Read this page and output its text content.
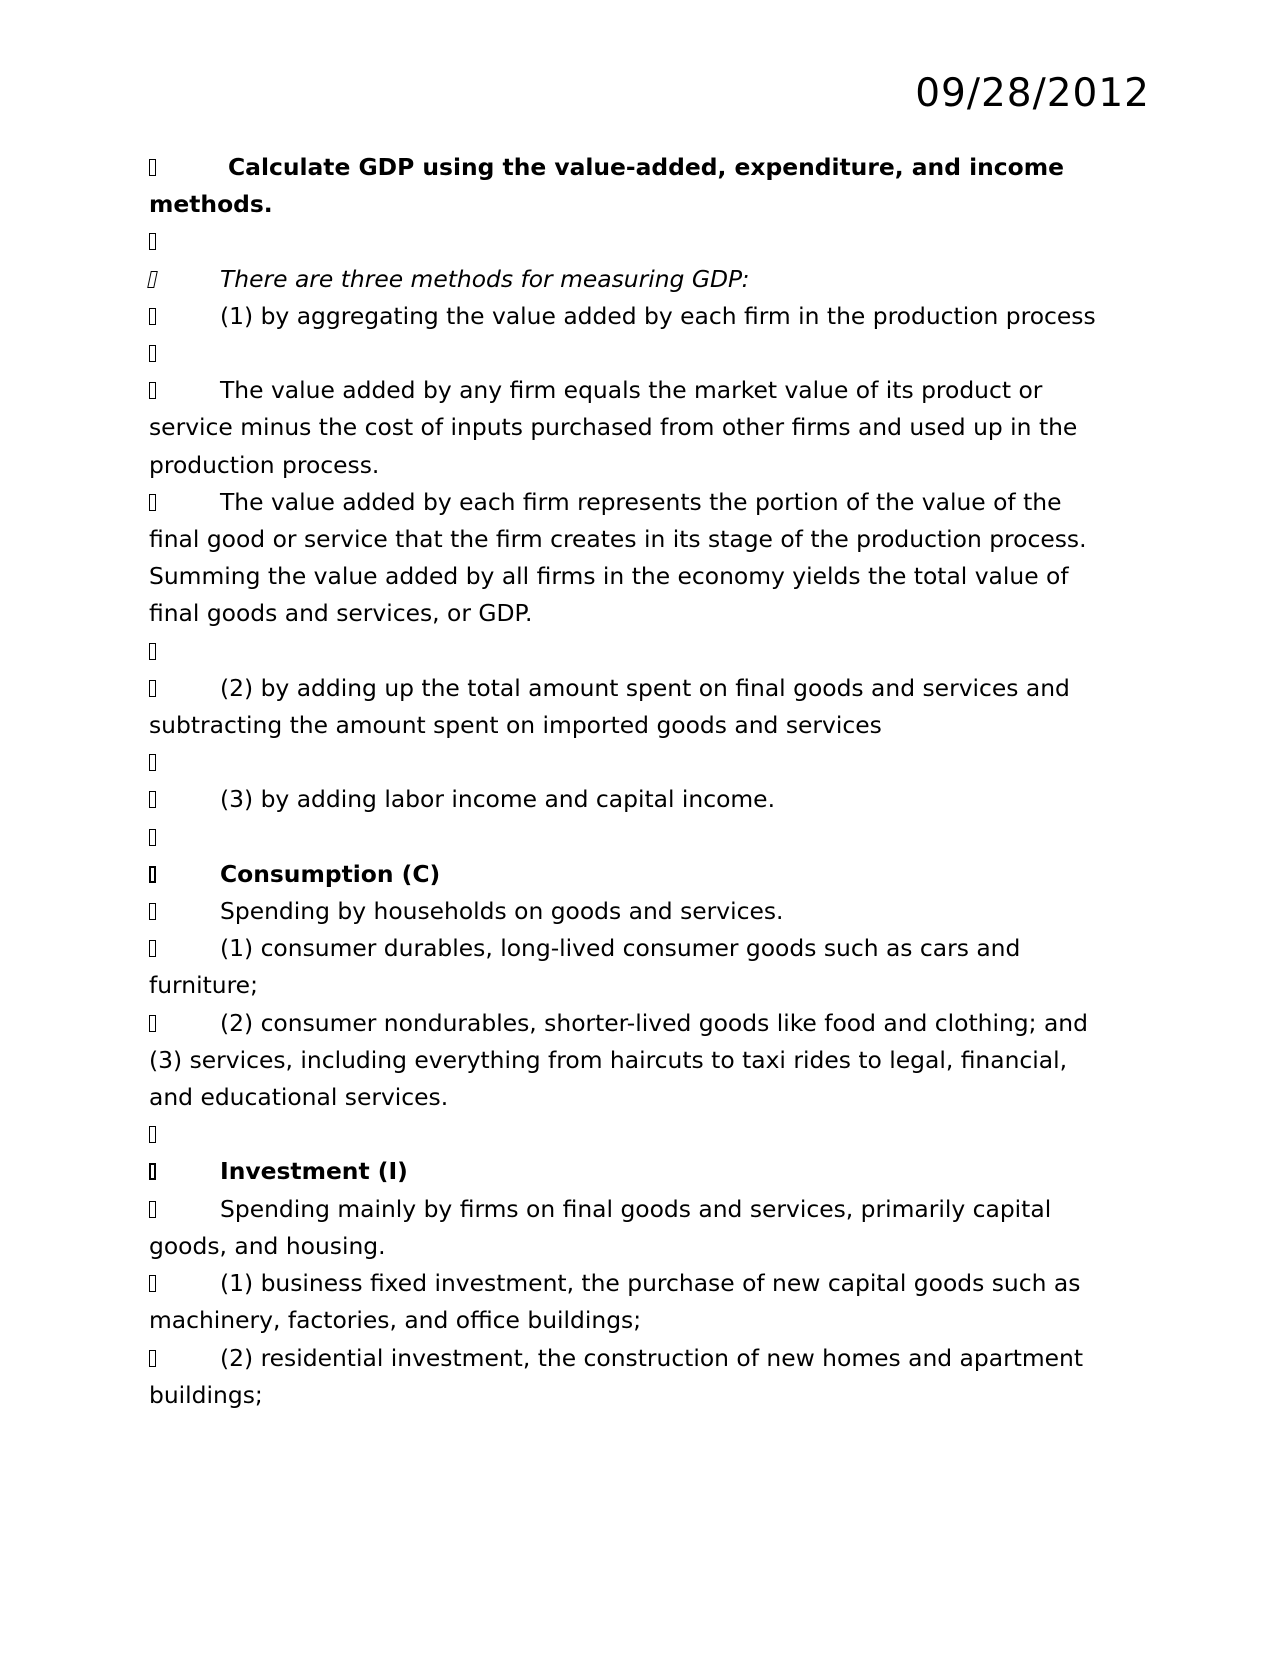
09/28/2012

Calculate GDP using the value-added, expenditure, and income methods.

There are three methods for measuring GDP:

(1) by aggregating the value added by each firm in the production process

The value added by any firm equals the market value of its product or service minus the cost of inputs purchased from other firms and used up in the production process.

The value added by each firm represents the portion of the value of the final good or service that the firm creates in its stage of the production process. Summing the value added by all firms in the economy yields the total value of final goods and services, or GDP.

(2) by adding up the total amount spent on final goods and services and subtracting the amount spent on imported goods and services

(3) by adding labor income and capital income.

Consumption (C)

Spending by households on goods and services.

(1) consumer durables, long-lived consumer goods such as cars and furniture;

(2) consumer nondurables, shorter-lived goods like food and clothing; and (3) services, including everything from haircuts to taxi rides to legal, financial, and educational services.

Investment (I)

Spending mainly by firms on final goods and services, primarily capital goods, and housing.

(1) business fixed investment, the purchase of new capital goods such as machinery, factories, and office buildings;

(2) residential investment, the construction of new homes and apartment buildings;
